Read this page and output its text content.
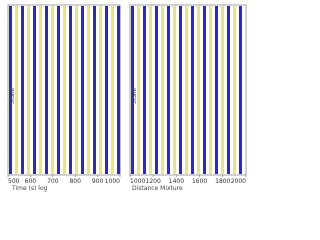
Scale
500 600 700 800 900 1000
Time (s) log
Scale
1000 1200 1400 1600 1800 2000
Distance Mixture
